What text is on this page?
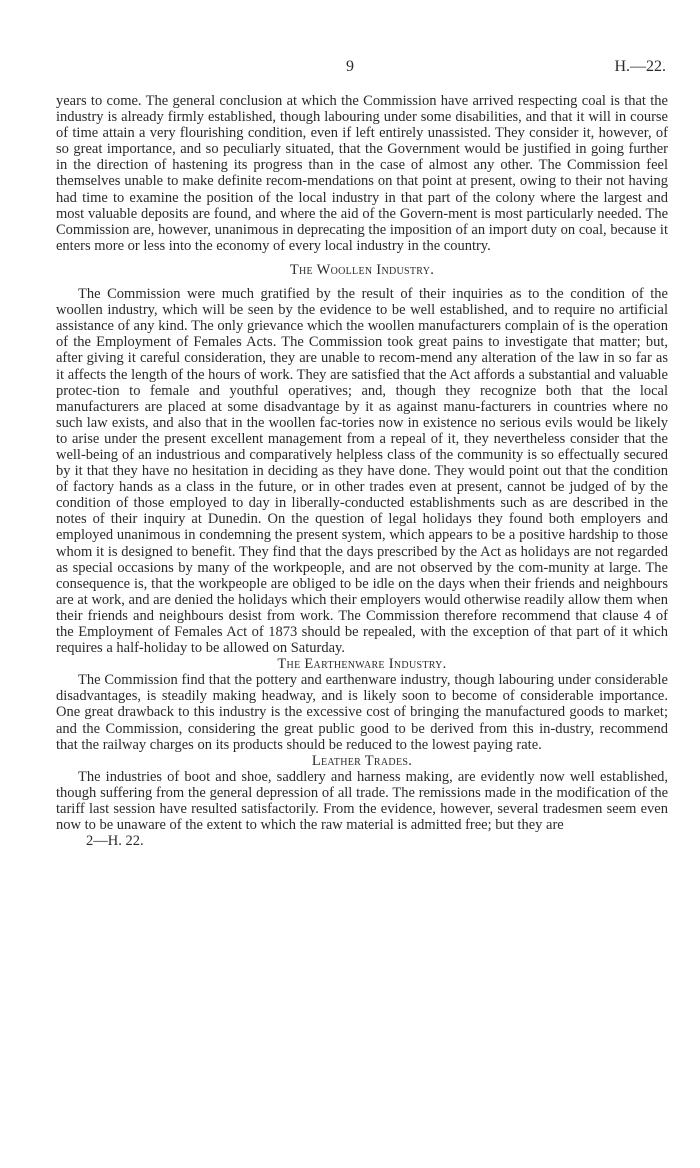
9	H.—22.

years to come. The general conclusion at which the Commission have arrived respecting coal is that the industry is already firmly established, though labouring under some disabilities, and that it will in course of time attain a very flourishing condition, even if left entirely unassisted. They consider it, however, of so great importance, and so peculiarly situated, that the Government would be justified in going further in the direction of hastening its progress than in the case of almost any other. The Commission feel themselves unable to make definite recom-mendations on that point at present, owing to their not having had time to examine the position of the local industry in that part of the colony where the largest and most valuable deposits are found, and where the aid of the Govern-ment is most particularly needed. The Commission are, however, unanimous in deprecating the imposition of an import duty on coal, because it enters more or less into the economy of every local industry in the country.

The Woollen Industry.

The Commission were much gratified by the result of their inquiries as to the condition of the woollen industry, which will be seen by the evidence to be well established, and to require no artificial assistance of any kind. The only grievance which the woollen manufacturers complain of is the operation of the Employment of Females Acts. The Commission took great pains to investigate that matter; but, after giving it careful consideration, they are unable to recom-mend any alteration of the law in so far as it affects the length of the hours of work. They are satisfied that the Act affords a substantial and valuable protec-tion to female and youthful operatives; and, though they recognize both that the local manufacturers are placed at some disadvantage by it as against manu-facturers in countries where no such law exists, and also that in the woollen fac-tories now in existence no serious evils would be likely to arise under the present excellent management from a repeal of it, they nevertheless consider that the well-being of an industrious and comparatively helpless class of the community is so effectually secured by it that they have no hesitation in deciding as they have done. They would point out that the condition of factory hands as a class in the future, or in other trades even at present, cannot be judged of by the condition of those employed to day in liberally-conducted establishments such as are described in the notes of their inquiry at Dunedin. On the question of legal holidays they found both employers and employed unanimous in condemning the present system, which appears to be a positive hardship to those whom it is designed to benefit. They find that the days prescribed by the Act as holidays are not regarded as special occasions by many of the workpeople, and are not observed by the com-munity at large. The consequence is, that the workpeople are obliged to be idle on the days when their friends and neighbours are at work, and are denied the holidays which their employers would otherwise readily allow them when their friends and neighbours desist from work. The Commission therefore recommend that clause 4 of the Employment of Females Act of 1873 should be repealed, with the exception of that part of it which requires a half-holiday to be allowed on Saturday.

The Earthenware Industry.

The Commission find that the pottery and earthenware industry, though labouring under considerable disadvantages, is steadily making headway, and is likely soon to become of considerable importance. One great drawback to this industry is the excessive cost of bringing the manufactured goods to market; and the Commission, considering the great public good to be derived from this in-dustry, recommend that the railway charges on its products should be reduced to the lowest paying rate.

Leather Trades.

The industries of boot and shoe, saddlery and harness making, are evidently now well established, though suffering from the general depression of all trade. The remissions made in the modification of the tariff last session have resulted satisfactorily. From the evidence, however, several tradesmen seem even now to be unaware of the extent to which the raw material is admitted free; but they are

2—H. 22.
